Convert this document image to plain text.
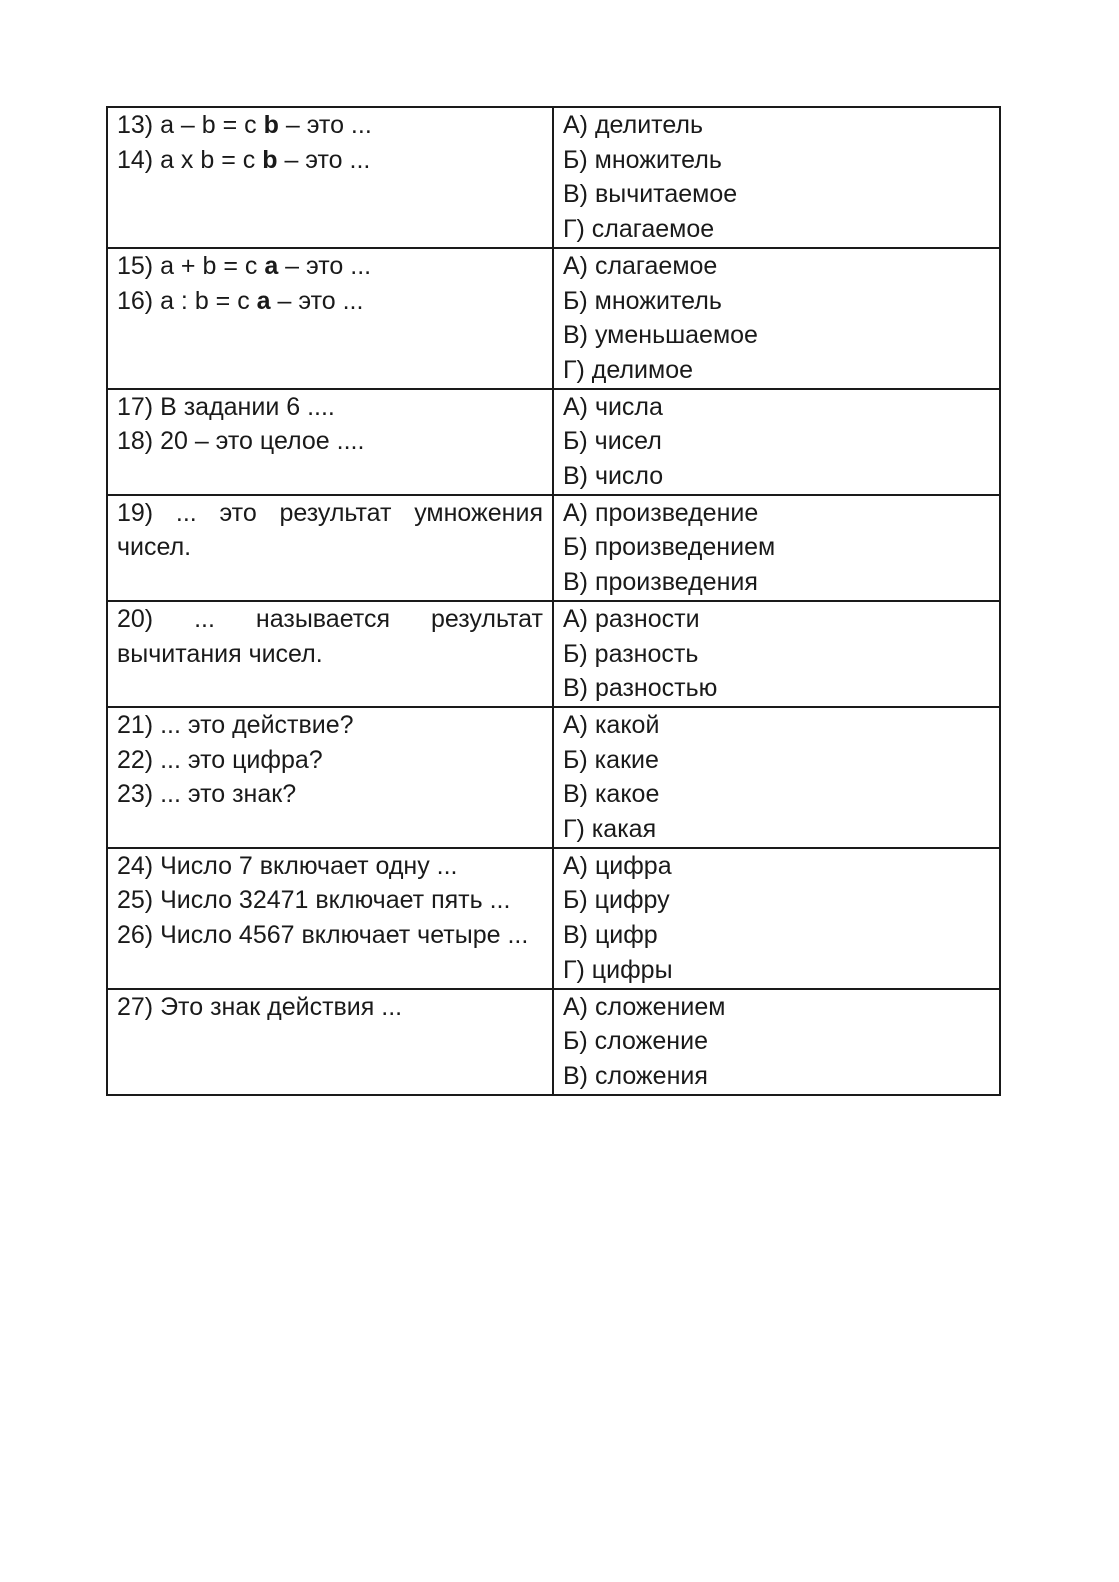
13) a – b = c b – это ...
14) a x b = c b – это ...	А) делитель
Б) множитель
В) вычитаемое
Г) слагаемое

15) a + b = c a – это ...
16) a : b = c a – это ...	А) слагаемое
Б) множитель
В) уменьшаемое
Г) делимое

17) В задании 6 ....
18) 20 – это целое ....	А) числа
Б) чисел
В) число

19) ... это результат умножения
чисел.	А) произведение
Б) произведением
В) произведения

20) ... называется результат
вычитания чисел.	А) разности
Б) разность
В) разностью

21) ... это действие?
22) ... это цифра?
23) ... это знак?	А) какой
Б) какие
В) какое
Г) какая

24) Число 7 включает одну ...
25) Число 32471 включает пять ...
26) Число 4567 включает четыре ...	А) цифра
Б) цифру
В) цифр
Г) цифры

27) Это знак действия ...	А) сложением
Б) сложение
В) сложения
